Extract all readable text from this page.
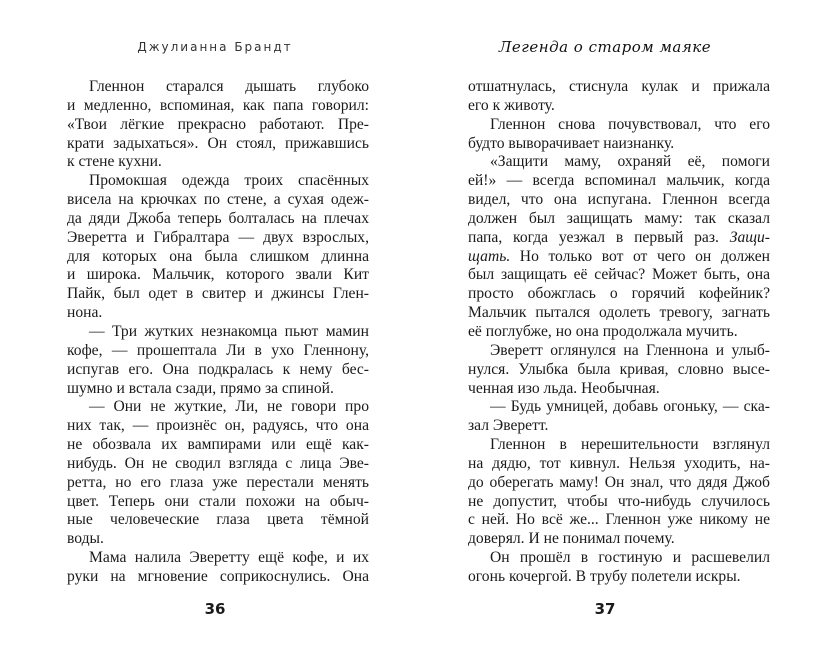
Джулианна Брандт
Гленнон старался дышать глубоко
и медленно, вспоминая, как папа говорил:
«Твои лёгкие прекрасно работают. Пре-
крати задыхаться». Он стоял, прижавшись
к стене кухни.
Промокшая одежда троих спасённых
висела на крючках по стене, а сухая одеж-
да дяди Джоба теперь болталась на плечах
Эверетта и Гибралтара — двух взрослых,
для которых она была слишком длинна
и широка. Мальчик, которого звали Кит
Пайк, был одет в свитер и джинсы Глен-
нона.
— Три жутких незнакомца пьют мамин
кофе, — прошептала Ли в ухо Гленнону,
испугав его. Она подкралась к нему бес-
шумно и встала сзади, прямо за спиной.
— Они не жуткие, Ли, не говори про
них так, — произнёс он, радуясь, что она
не обозвала их вампирами или ещё как-
нибудь. Он не сводил взгляда с лица Эве-
ретта, но его глаза уже перестали менять
цвет. Теперь они стали похожи на обыч-
ные человеческие глаза цвета тёмной
воды.
Мама налила Эверетту ещё кофе, и их
руки на мгновение соприкоснулись. Она
36
Легенда о старом маяке
отшатнулась, стиснула кулак и прижала
его к животу.
Гленнон снова почувствовал, что его
будто выворачивает наизнанку.
«Защити маму, охраняй её, помоги
ей!» — всегда вспоминал мальчик, когда
видел, что она испугана. Гленнон всегда
должен был защищать маму: так сказал
папа, когда уезжал в первый раз. Защи-
щать. Но только вот от чего он должен
был защищать её сейчас? Может быть, она
просто обожглась о горячий кофейник?
Мальчик пытался одолеть тревогу, загнать
её поглубже, но она продолжала мучить.
Эверетт оглянулся на Гленнона и улыб-
нулся. Улыбка была кривая, словно высе-
ченная изо льда. Необычная.
— Будь умницей, добавь огоньку, — ска-
зал Эверетт.
Гленнон в нерешительности взглянул
на дядю, тот кивнул. Нельзя уходить, на-
до оберегать маму! Он знал, что дядя Джоб
не допустит, чтобы что-нибудь случилось
с ней. Но всё же... Гленнон уже никому не
доверял. И не понимал почему.
Он прошёл в гостиную и расшевелил
огонь кочергой. В трубу полетели искры.
37
